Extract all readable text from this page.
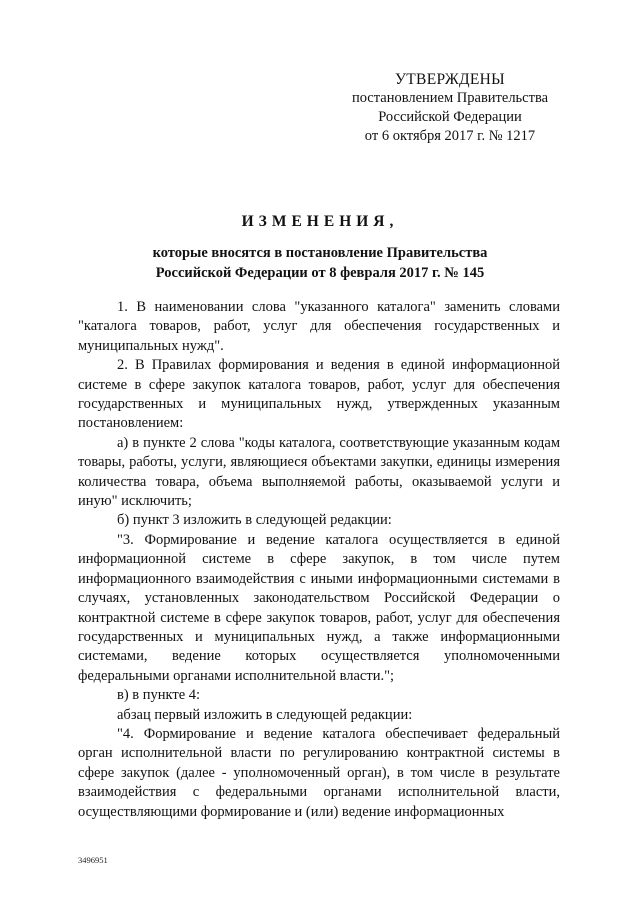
УТВЕРЖДЕНЫ
постановлением Правительства
Российской Федерации
от 6 октября 2017 г. № 1217
ИЗМЕНЕНИЯ,
которые вносятся в постановление Правительства
Российской Федерации от 8 февраля 2017 г. № 145

1. В наименовании слова "указанного каталога" заменить словами "каталога товаров, работ, услуг для обеспечения государственных и муниципальных нужд".

2. В Правилах формирования и ведения в единой информационной системе в сфере закупок каталога товаров, работ, услуг для обеспечения государственных и муниципальных нужд, утвержденных указанным постановлением:

а) в пункте 2 слова "коды каталога, соответствующие указанным кодам товары, работы, услуги, являющиеся объектами закупки, единицы измерения количества товара, объема выполняемой работы, оказываемой услуги и иную" исключить;

б) пункт 3 изложить в следующей редакции:

"3. Формирование и ведение каталога осуществляется в единой информационной системе в сфере закупок, в том числе путем информационного взаимодействия с иными информационными системами в случаях, установленных законодательством Российской Федерации о контрактной системе в сфере закупок товаров, работ, услуг для обеспечения государственных и муниципальных нужд, а также информационными системами, ведение которых осуществляется уполномоченными федеральными органами исполнительной власти.";

в) в пункте 4:

абзац первый изложить в следующей редакции:

"4. Формирование и ведение каталога обеспечивает федеральный орган исполнительной власти по регулированию контрактной системы в сфере закупок (далее - уполномоченный орган), в том числе в результате взаимодействия с федеральными органами исполнительной власти, осуществляющими формирование и (или) ведение информационных

3496951
